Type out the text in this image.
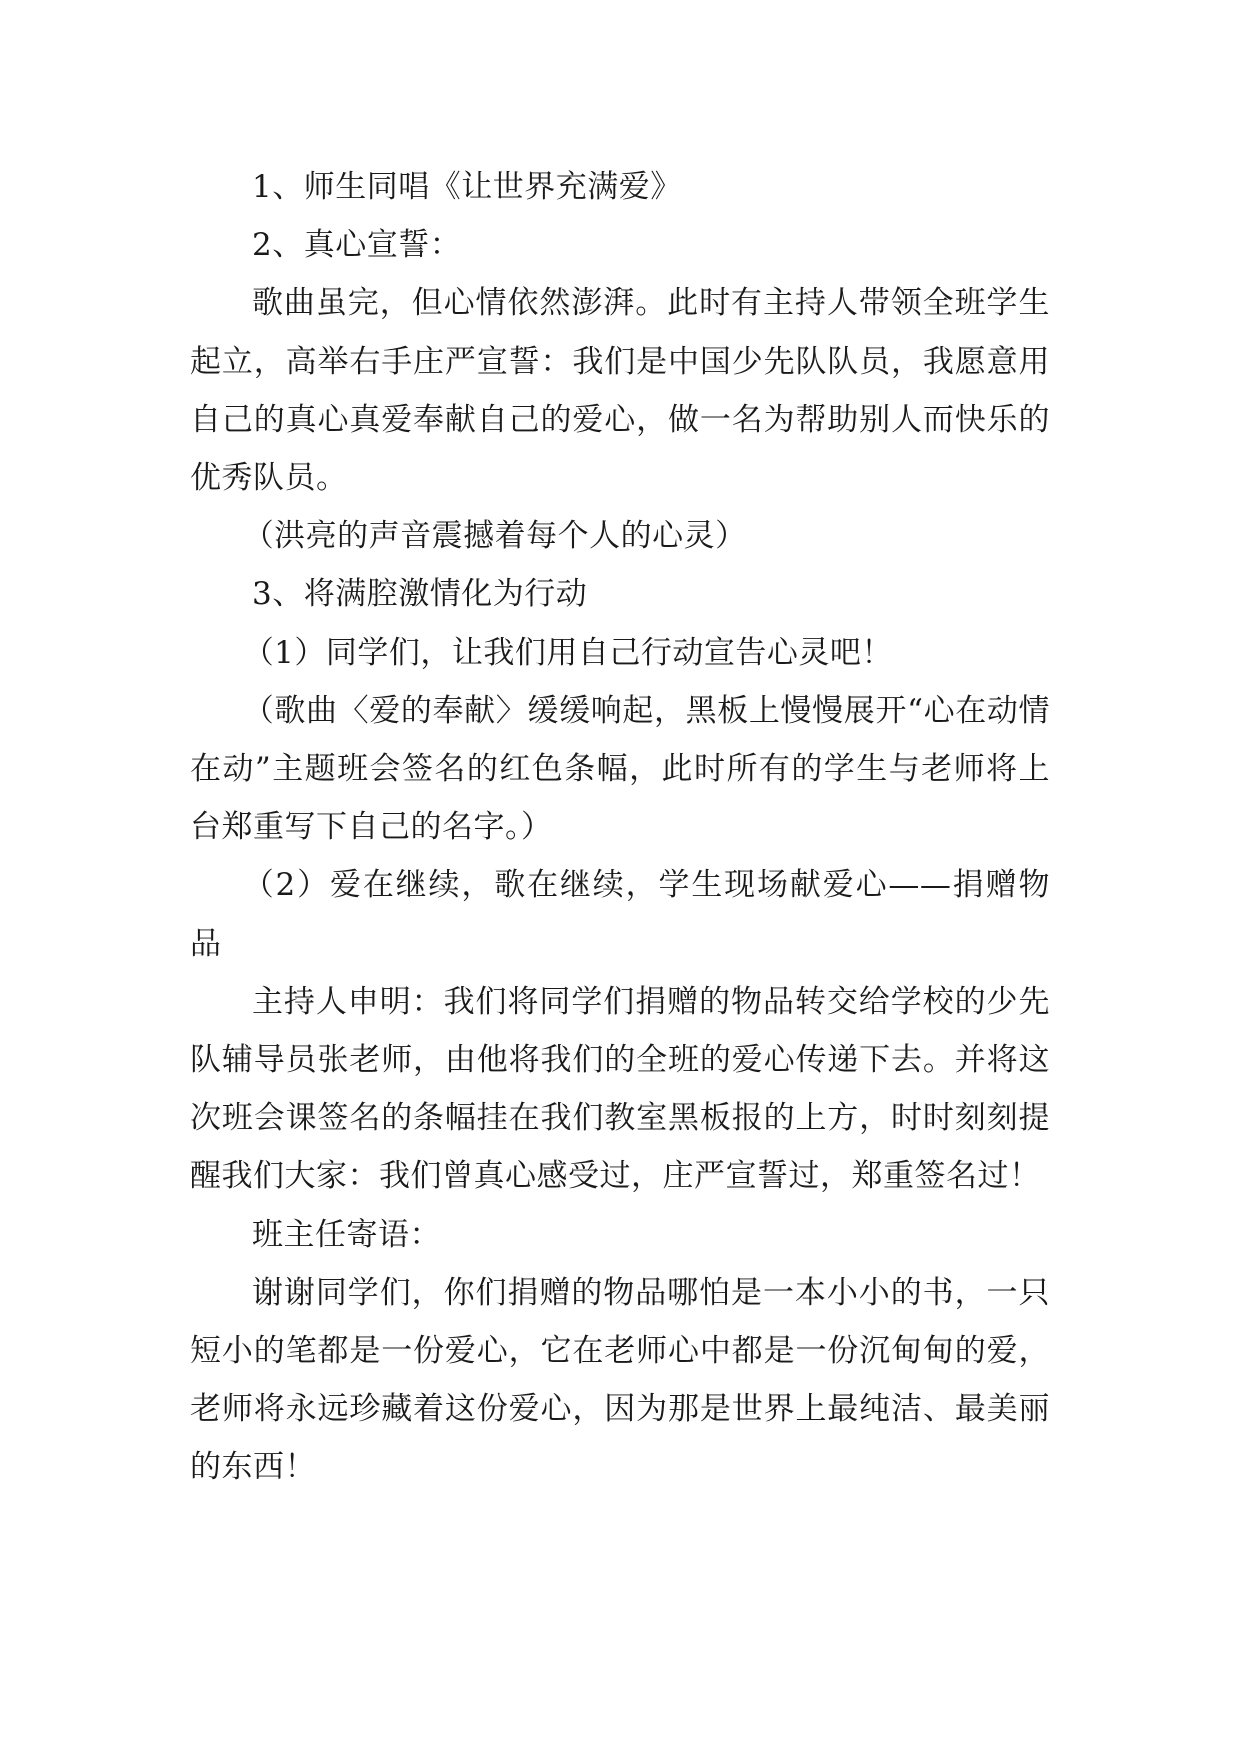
1、师生同唱《让世界充满爱》

2、真心宣誓：

歌曲虽完，但心情依然澎湃。此时有主持人带领全班学生起立，高举右手庄严宣誓：我们是中国少先队队员，我愿意用自己的真心真爱奉献自己的爱心，做一名为帮助别人而快乐的优秀队员。

（洪亮的声音震撼着每个人的心灵）

3、将满腔激情化为行动

（1）同学们，让我们用自己行动宣告心灵吧！

（歌曲〈爱的奉献〉缓缓响起，黑板上慢慢展开“心在动情在动”主题班会签名的红色条幅，此时所有的学生与老师将上台郑重写下自己的名字。）

（2）爱在继续，歌在继续，学生现场献爱心——捐赠物品

主持人申明：我们将同学们捐赠的物品转交给学校的少先队辅导员张老师，由他将我们的全班的爱心传递下去。并将这次班会课签名的条幅挂在我们教室黑板报的上方，时时刻刻提醒我们大家：我们曾真心感受过，庄严宣誓过，郑重签名过！

班主任寄语：

谢谢同学们，你们捐赠的物品哪怕是一本小小的书，一只短小的笔都是一份爱心，它在老师心中都是一份沉甸甸的爱，老师将永远珍藏着这份爱心，因为那是世界上最纯洁、最美丽的东西！
